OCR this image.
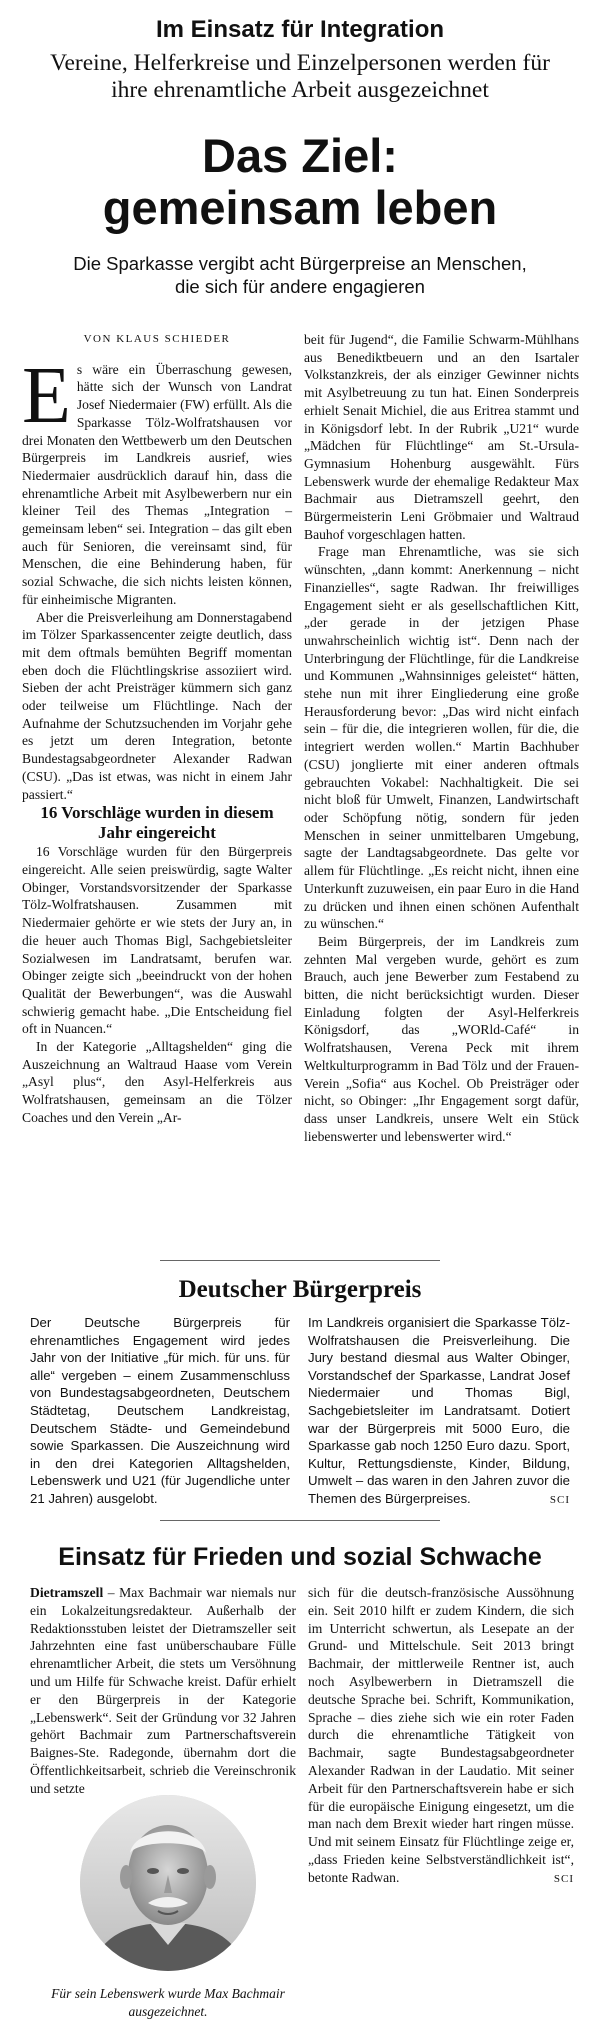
Im Einsatz für Integration
Vereine, Helferkreise und Einzelpersonen werden für ihre ehrenamtliche Arbeit ausgezeichnet
Das Ziel:
gemeinsam leben
Die Sparkasse vergibt acht Bürgerpreise an Menschen, die sich für andere engagieren
VON KLAUS SCHIEDER

Es wäre ein Überraschung gewesen, hätte sich der Wunsch von Landrat Josef Niedermaier (FW) erfüllt. Als die Sparkasse Tölz-Wolfratshausen vor drei Monaten den Wettbewerb um den Deutschen Bürgerpreis im Landkreis ausrief, wies Niedermaier ausdrücklich darauf hin, dass die ehrenamtliche Arbeit mit Asylbewerbern nur ein kleiner Teil des Themas „Integration – gemeinsam leben“ sei. Integration – das gilt eben auch für Senioren, die vereinsamt sind, für Menschen, die eine Behinderung haben, für sozial Schwache, die sich nichts leisten können, für einheimische Migranten.

Aber die Preisverleihung am Donnerstagabend im Tölzer Sparkassencenter zeigte deutlich, dass mit dem oftmals bemühten Begriff momentan eben doch die Flüchtlingskrise assoziiert wird. Sieben der acht Preisträger kümmern sich ganz oder teilweise um Flüchtlinge. Nach der Aufnahme der Schutzsuchenden im Vorjahr gehe es jetzt um deren Integration, betonte Bundestagsabgeordneter Alexander Radwan (CSU). „Das ist etwas, was nicht in einem Jahr passiert.“

16 Vorschläge wurden in diesem Jahr eingereicht

16 Vorschläge wurden für den Bürgerpreis eingereicht. Alle seien preiswürdig, sagte Walter Obinger, Vorstandsvorsitzender der Sparkasse Tölz-Wolfratshausen. Zusammen mit Niedermaier gehörte er wie stets der Jury an, in die heuer auch Thomas Bigl, Sachgebietsleiter Sozialwesen im Landratsamt, berufen war. Obinger zeigte sich „beeindruckt von der hohen Qualität der Bewerbungen“, was die Auswahl schwierig gemacht habe. „Die Entscheidung fiel oft in Nuancen.“

In der Kategorie „Alltagshelden“ ging die Auszeichnung an Waltraud Haase vom Verein „Asyl plus“, den Asyl-Helferkreis aus Wolfratshausen, gemeinsam an die Tölzer Coaches und den Verein „Ar-

beit für Jugend“, die Familie Schwarm-Mühlhans aus Benediktbeuern und an den Isartaler Volkstanzkreis, der als einziger Gewinner nichts mit Asylbetreuung zu tun hat. Einen Sonderpreis erhielt Senait Michiel, die aus Eritrea stammt und in Königsdorf lebt. In der Rubrik „U21“ wurde „Mädchen für Flüchtlinge“ am St.-Ursula-Gymnasium Hohenburg ausgewählt. Fürs Lebenswerk wurde der ehemalige Redakteur Max Bachmair aus Dietramszell geehrt, den Bürgermeisterin Leni Gröbmaier und Waltraud Bauhof vorgeschlagen hatten.

Frage man Ehrenamtliche, was sie sich wünschten, „dann kommt: Anerkennung – nicht Finanzielles“, sagte Radwan. Ihr freiwilliges Engagement sieht er als gesellschaftlichen Kitt, „der gerade in der jetzigen Phase unwahrscheinlich wichtig ist“. Denn nach der Unterbringung der Flüchtlinge, für die Landkreise und Kommunen „Wahnsinniges geleistet“ hätten, stehe nun mit ihrer Eingliederung eine große Herausforderung bevor: „Das wird nicht einfach sein – für die, die integrieren wollen, für die, die integriert werden wollen.“ Martin Bachhuber (CSU) jonglierte mit einer anderen oftmals gebrauchten Vokabel: Nachhaltigkeit. Die sei nicht bloß für Umwelt, Finanzen, Landwirtschaft oder Schöpfung nötig, sondern für jeden Menschen in seiner unmittelbaren Umgebung, sagte der Landtagsabgeordnete. Das gelte vor allem für Flüchtlinge. „Es reicht nicht, ihnen eine Unterkunft zuzuweisen, ein paar Euro in die Hand zu drücken und ihnen einen schönen Aufenthalt zu wünschen.“

Beim Bürgerpreis, der im Landkreis zum zehnten Mal vergeben wurde, gehört es zum Brauch, auch jene Bewerber zum Festabend zu bitten, die nicht berücksichtigt wurden. Dieser Einladung folgten der Asyl-Helferkreis Königsdorf, das „WORld-Café“ in Wolfratshausen, Verena Peck mit ihrem Weltkulturprogramm in Bad Tölz und der Frauen-Verein „Sofia“ aus Kochel. Ob Preisträger oder nicht, so Obinger: „Ihr Engagement sorgt dafür, dass unser Landkreis, unsere Welt ein Stück liebenswerter und lebenswerter wird.“

Deutscher Bürgerpreis
Der Deutsche Bürgerpreis für ehrenamtliches Engagement wird jedes Jahr von der Initiative „für mich. für uns. für alle“ vergeben – einem Zusammenschluss von Bundestagsabgeordneten, Deutschem Städtetag, Deutschem Landkreistag, Deutschem Städte- und Gemeindebund sowie Sparkassen. Die Auszeichnung wird in den drei Kategorien Alltagshelden, Lebenswerk und U21 (für Jugendliche unter 21 Jahren) ausgelobt.
Im Landkreis organisiert die Sparkasse Tölz-Wolfratshausen die Preisverleihung. Die Jury bestand diesmal aus Walter Obinger, Vorstandschef der Sparkasse, Landrat Josef Niedermaier und Thomas Bigl, Sachgebietsleiter im Landratsamt. Dotiert war der Bürgerpreis mit 5000 Euro, die Sparkasse gab noch 1250 Euro dazu. Sport, Kultur, Rettungsdienste, Kinder, Bildung, Umwelt – das waren in den Jahren zuvor die Themen des Bürgerpreises.	SCI
Einsatz für Frieden und sozial Schwache
Dietramszell – Max Bachmair war niemals nur ein Lokalzeitungsredakteur. Außerhalb der Redaktionsstuben leistet der Dietramszeller seit Jahrzehnten eine fast unüberschaubare Fülle ehrenamtlicher Arbeit, die stets um Versöhnung und um Hilfe für Schwache kreist. Dafür erhielt er den Bürgerpreis in der Kategorie „Lebenswerk“. Seit der Gründung vor 32 Jahren gehört Bachmair zum Partnerschaftsverein Baignes-Ste. Radegonde, übernahm dort die Öffentlichkeitsarbeit, schrieb die Vereinschronik und setzte
sich für die deutsch-französische Aussöhnung ein. Seit 2010 hilft er zudem Kindern, die sich im Unterricht schwertun, als Lesepate an der Grund- und Mittelschule. Seit 2013 bringt Bachmair, der mittlerweile Rentner ist, auch noch Asylbewerbern in Dietramszell die deutsche Sprache bei. Schrift, Kommunikation, Sprache – dies ziehe sich wie ein roter Faden durch die ehrenamtliche Tätigkeit von Bachmair, sagte Bundestagsabgeordneter Alexander Radwan in der Laudatio. Mit seiner Arbeit für den Partnerschaftsverein habe er sich für die europäische Einigung eingesetzt, um die man nach dem Brexit wieder hart ringen müsse. Und mit seinem Einsatz für Flüchtlinge zeige er, „dass Frieden keine Selbstverständlichkeit ist“, betonte Radwan.	SCI
Für sein Lebenswerk wurde Max Bachmair ausgezeichnet.
